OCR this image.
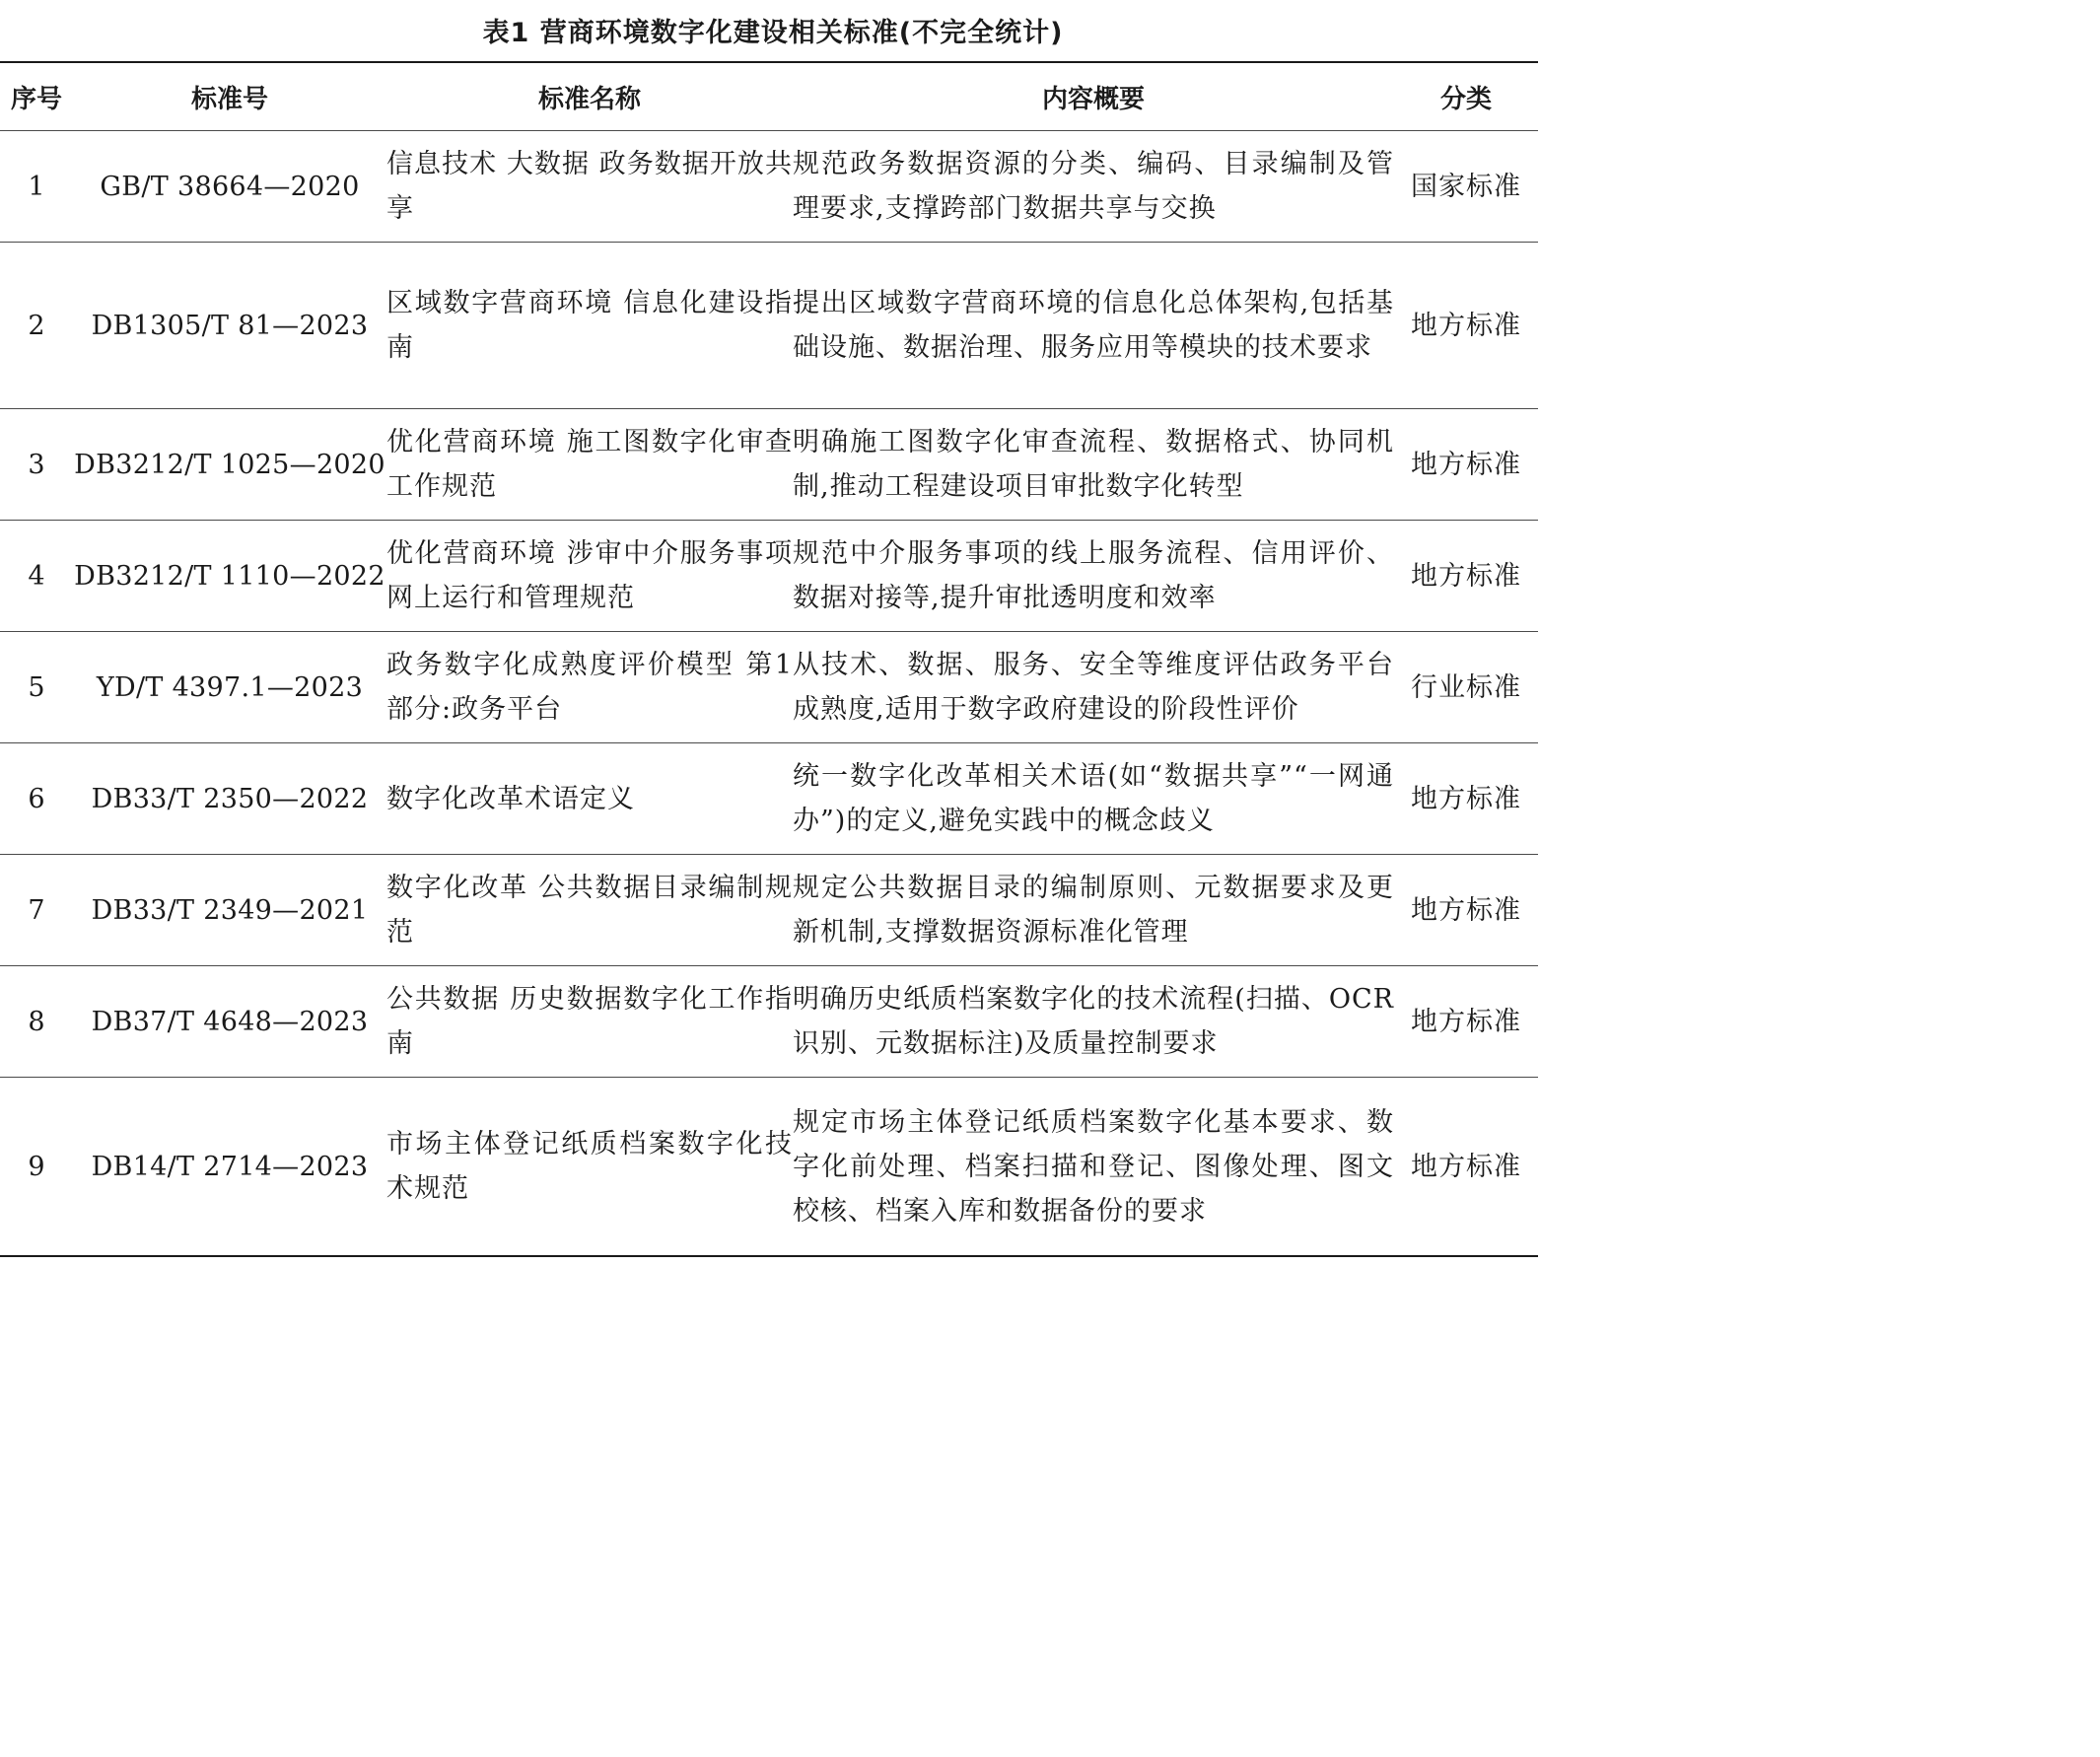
表1 营商环境数字化建设相关标准(不完全统计)
序号	标准号	标准名称	内容概要	分类
1	GB/T 38664—2020	信息技术 大数据 政务数据开放共享	规范政务数据资源的分类、编码、目录编制及管理要求,支撑跨部门数据共享与交换	国家标准
2	DB1305/T 81—2023	区域数字营商环境 信息化建设指南	提出区域数字营商环境的信息化总体架构,包括基础设施、数据治理、服务应用等模块的技术要求	地方标准
3	DB3212/T 1025—2020	优化营商环境 施工图数字化审查工作规范	明确施工图数字化审查流程、数据格式、协同机制,推动工程建设项目审批数字化转型	地方标准
4	DB3212/T 1110—2022	优化营商环境 涉审中介服务事项网上运行和管理规范	规范中介服务事项的线上服务流程、信用评价、数据对接等,提升审批透明度和效率	地方标准
5	YD/T 4397.1—2023	政务数字化成熟度评价模型 第1部分:政务平台	从技术、数据、服务、安全等维度评估政务平台成熟度,适用于数字政府建设的阶段性评价	行业标准
6	DB33/T 2350—2022	数字化改革术语定义	统一数字化改革相关术语(如“数据共享”“一网通办”)的定义,避免实践中的概念歧义	地方标准
7	DB33/T 2349—2021	数字化改革 公共数据目录编制规范	规定公共数据目录的编制原则、元数据要求及更新机制,支撑数据资源标准化管理	地方标准
8	DB37/T 4648—2023	公共数据 历史数据数字化工作指南	明确历史纸质档案数字化的技术流程(扫描、OCR识别、元数据标注)及质量控制要求	地方标准
9	DB14/T 2714—2023	市场主体登记纸质档案数字化技术规范	规定市场主体登记纸质档案数字化基本要求、数字化前处理、档案扫描和登记、图像处理、图文校核、档案入库和数据备份的要求	地方标准
